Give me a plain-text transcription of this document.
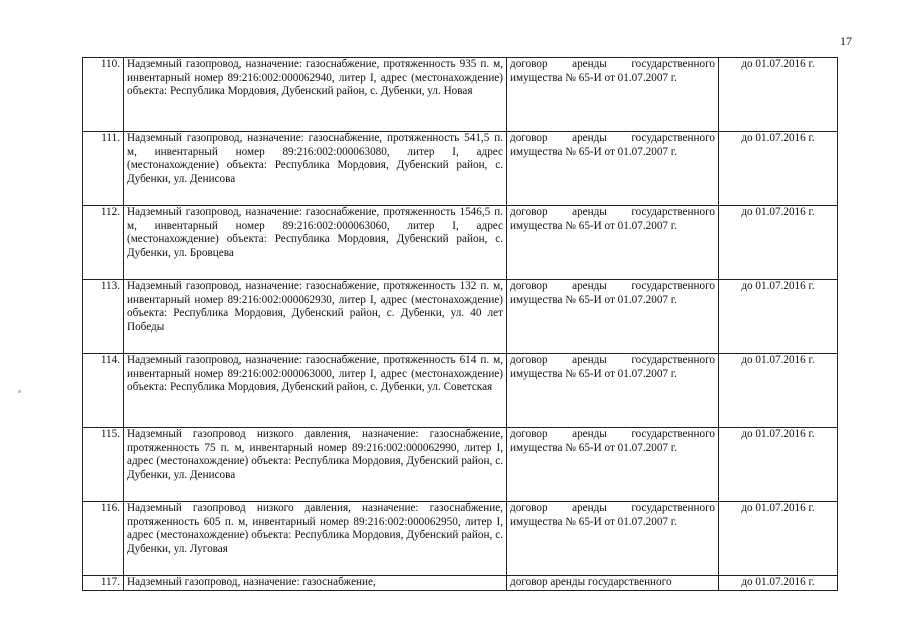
17
110.	Надземный газопровод, назначение: газоснабжение, протяженность 935 п. м, инвентарный номер 89:216:002:000062940, литер I, адрес (местонахождение) объекта: Республика Мордовия, Дубенский район, с. Дубенки, ул. Новая	договор аренды государственного имущества № 65-И от 01.07.2007 г.	до 01.07.2016 г.
111.	Надземный газопровод, назначение: газоснабжение, протяженность 541,5 п. м, инвентарный номер 89:216:002:000063080, литер I, адрес (местонахождение) объекта: Республика Мордовия, Дубенский район, с. Дубенки, ул. Денисова	договор аренды государственного имущества № 65-И от 01.07.2007 г.	до 01.07.2016 г.
112.	Надземный газопровод, назначение: газоснабжение, протяженность 1546,5 п. м, инвентарный номер 89:216:002:000063060, литер I, адрес (местонахождение) объекта: Республика Мордовия, Дубенский район, с. Дубенки, ул. Бровцева	договор аренды государственного имущества № 65-И от 01.07.2007 г.	до 01.07.2016 г.
113.	Надземный газопровод, назначение: газоснабжение, протяженность 132 п. м, инвентарный номер 89:216:002:000062930, литер I, адрес (местонахождение) объекта: Республика Мордовия, Дубенский район, с. Дубенки, ул. 40 лет Победы	договор аренды государственного имущества № 65-И от 01.07.2007 г.	до 01.07.2016 г.
114.	Надземный газопровод, назначение: газоснабжение, протяженность 614 п. м, инвентарный номер 89:216:002:000063000, литер I, адрес (местонахождение) объекта: Республика Мордовия, Дубенский район, с. Дубенки, ул. Советская	договор аренды государственного имущества № 65-И от 01.07.2007 г.	до 01.07.2016 г.
115.	Надземный газопровод низкого давления, назначение: газоснабжение, протяженность 75 п. м, инвентарный номер 89:216:002:000062990, литер I, адрес (местонахождение) объекта: Республика Мордовия, Дубенский район, с. Дубенки, ул. Денисова	договор аренды государственного имущества № 65-И от 01.07.2007 г.	до 01.07.2016 г.
116.	Надземный газопровод низкого давления, назначение: газоснабжение, протяженность 605 п. м, инвентарный номер 89:216:002:000062950, литер I, адрес (местонахождение) объекта: Республика Мордовия, Дубенский район, с. Дубенки, ул. Луговая	договор аренды государственного имущества № 65-И от 01.07.2007 г.	до 01.07.2016 г.
117.	Надземный газопровод, назначение: газоснабжение,	договор аренды государственного	до 01.07.2016 г.
